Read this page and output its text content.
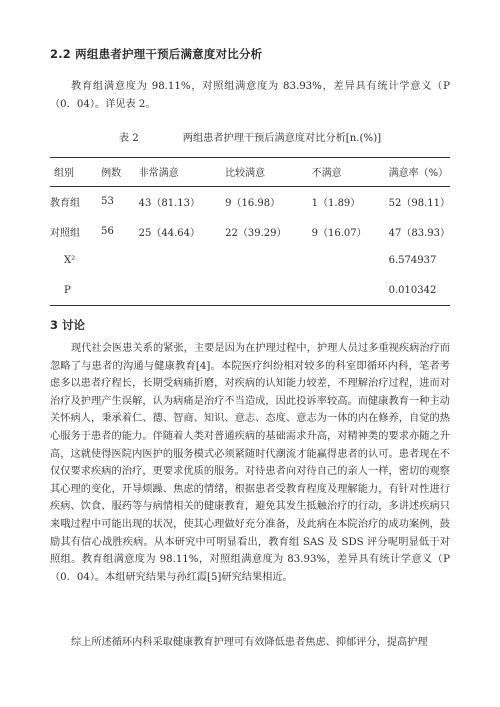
2.2 两组患者护理干预后满意度对比分析
教育组满意度为 98.11%，对照组满意度为 83.93%，差异具有统计学意义（P（0．04）。详见表 2。
表 2	两组患者护理干预后满意度对比分析[n.(%)]
组别	例数	非常满意	比较满意	不满意	满意率（%）
教育组	53	43（81.13）	9（16.98）	1（1.89）	52（98.11）
对照组	56	25（44.64）	22（39.29）	9（16.07）	47（83.93）
X²					6.574937
P					0.010342
3 讨论
现代社会医患关系的紧张，主要是因为在护理过程中，护理人员过多重视疾病治疗而忽略了与患者的沟通与健康教育[4]。本院医疗纠纷相对较多的科室即循环内科，笔者考虑多以患者疗程长，长期受病痛折磨，对疾病的认知能力较差，不理解治疗过程，进而对治疗及护理产生误解，认为病痛是治疗不当造成，因此投诉率较高。而健康教育一种主动关怀病人，秉承着仁、德、智商、知识、意志、态度、意志为一体的内在修养，自觉的热心服务于患者的能力。伴随着人类对普通疾病的基础需求升高，对精神类的要求亦随之升高，这就使得医院内医护的服务模式必须紧随时代潮流才能赢得患者的认可。患者现在不仅仅要求疾病的治疗，更要求优质的服务。对待患者向对待自己的亲人一样，密切的观察其心理的变化，开导烦躁、焦虑的情绪，根据患者受教育程度及理解能力，有针对性进行疾病、饮食、服药等与病情相关的健康教育，避免其发生抵触治疗的行动，多讲述疾病只来哦过程中可能出现的状况，使其心理做好充分准备，及此病在本院治疗的成功案例，鼓励其有信心战胜疾病。从本研究中可明显看出，教育组 SAS 及 SDS 评分呢明显低于对照组。教育组满意度为 98.11%，对照组满意度为 83.93%，差异具有统计学意义（P（0．04）。本组研究结果与孙红霞[5]研究结果相近。
综上所述循环内科采取健康教育护理可有效降低患者焦虑、抑郁评分，提高护理
